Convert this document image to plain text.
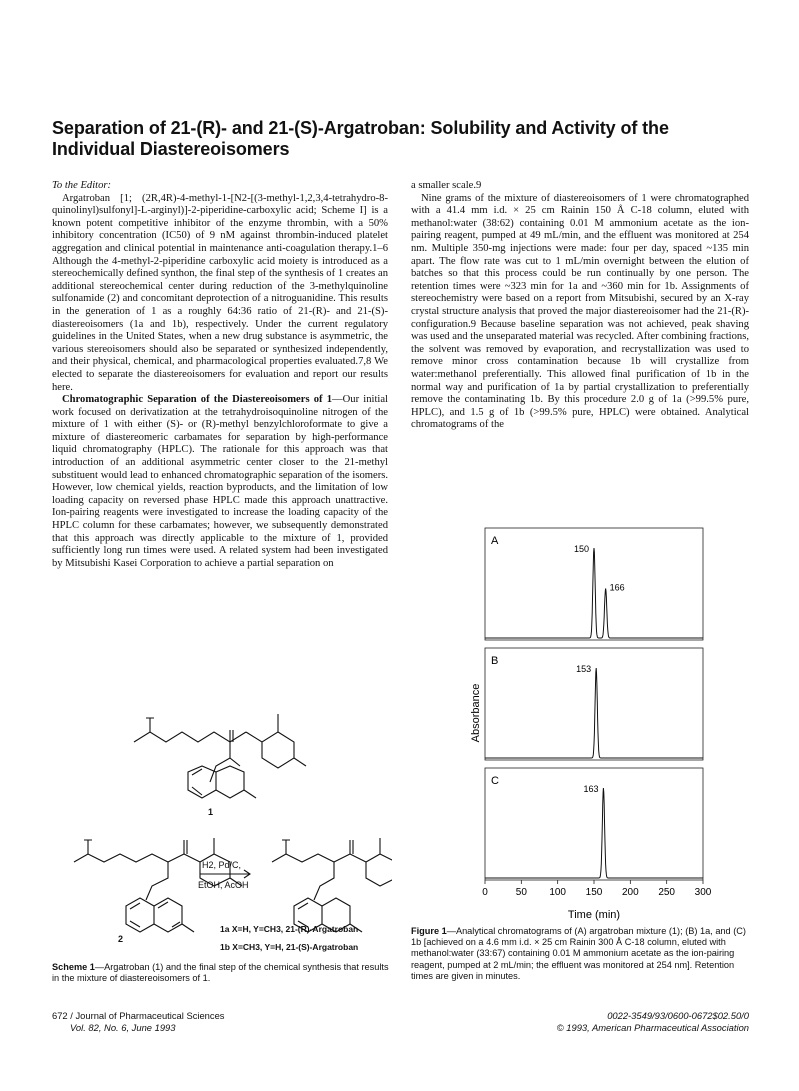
Separation of 21-(R)- and 21-(S)-Argatroban: Solubility and Activity of the Individual Diastereoisomers

To the Editor:

Argatroban [1; (2R,4R)-4-methyl-1-[N2-[(3-methyl-1,2,3,4-tetrahydro-8-quinolinyl)sulfonyl]-L-arginyl)]-2-piperidine-carboxylic acid; Scheme I] is a known potent competitive inhibitor of the enzyme thrombin, with a 50% inhibitory concentration (IC50) of 9 nM against thrombin-induced platelet aggregation and clinical potential in maintenance anti-coagulation therapy.1–6 Although the 4-methyl-2-piperidine carboxylic acid moiety is introduced as a stereochemically defined synthon, the final step of the synthesis of 1 creates an additional stereochemical center during reduction of the 3-methylquinoline sulfonamide (2) and concomitant deprotection of a nitroguanidine. This results in the generation of 1 as a roughly 64:36 ratio of 21-(R)- and 21-(S)-diastereoisomers (1a and 1b), respectively. Under the current regulatory guidelines in the United States, when a new drug substance is asymmetric, the various stereoisomers should also be separated or synthesized independently, and their physical, chemical, and pharmacological properties evaluated.7,8 We elected to separate the diastereoisomers for evaluation and report our results here.

Chromatographic Separation of the Diastereoisomers of 1—Our initial work focused on derivatization at the tetrahydroisoquinoline nitrogen of the mixture of 1 with either (S)- or (R)-methyl benzylchloroformate to give a mixture of diastereomeric carbamates for separation by high-performance liquid chromatography (HPLC). The rationale for this approach was that introduction of an additional asymmetric center closer to the 21-methyl substituent would lead to enhanced chromatographic separation of the isomers. However, low chemical yields, reaction byproducts, and the limitation of low loading capacity on reversed phase HPLC made this approach unattractive. Ion-pairing reagents were investigated to increase the loading capacity of the HPLC column for these carbamates; however, we subsequently demonstrated that this approach was directly applicable to the mixture of 1, provided sufficiently long run times were used. A related system had been investigated by Mitsubishi Kasei Corporation to achieve a partial separation on

a smaller scale.9

Nine grams of the mixture of diastereoisomers of 1 were chromatographed with a 41.4 mm i.d. × 25 cm Rainin 150 Å C-18 column, eluted with methanol:water (38:62) containing 0.01 M ammonium acetate as the ion-pairing reagent, pumped at 49 mL/min, and the effluent was monitored at 254 nm. Multiple 350-mg injections were made: four per day, spaced ~135 min apart. The flow rate was cut to 1 mL/min overnight between the elution of batches so that this process could be run continually by one person. The retention times were ~323 min for 1a and ~360 min for 1b. Assignments of stereochemistry were based on a report from Mitsubishi, secured by an X-ray crystal structure analysis that proved the major diastereoisomer had the 21-(R)-configuration.9 Because baseline separation was not achieved, peak shaving was used and the unseparated material was recycled. After combining fractions, the solvent was removed by evaporation, and recrystallization was used to remove minor cross contamination because 1b will crystallize from water:methanol preferentially. This allowed final purification of 1b in the normal way and purification of 1a by partial crystallization to preferentially remove the contaminating 1b. By this procedure 2.0 g of 1a (>99.5% pure, HPLC), and 1.5 g of 1b (>99.5% pure, HPLC) were obtained. Analytical chromatograms of the

Absorbance
A
150
166
B
153
C
163
0	50 100 150 200 250 300
Time (min)
1
2
H2, Pd/C,
EtOH, AcOH
1a X=H, Y=CH3, 21-(R)-Argatroban
1b X=CH3, Y=H, 21-(S)-Argatroban
Scheme 1—Argatroban (1) and the final step of the chemical synthesis that results in the mixture of diastereoisomers of 1.
Figure 1—Analytical chromatograms of (A) argatroban mixture (1); (B) 1a, and (C) 1b [achieved on a 4.6 mm i.d. × 25 cm Rainin 300 Å C-18 column, eluted with methanol:water (33:67) containing 0.01 M ammonium acetate as the ion-pairing reagent, pumped at 2 mL/min; the effluent was monitored at 254 nm]. Retention times are given in minutes.
672 / Journal of Pharmaceutical Sciences
Vol. 82, No. 6, June 1993
0022-3549/93/0600-0672$02.50/0
© 1993, American Pharmaceutical Association
